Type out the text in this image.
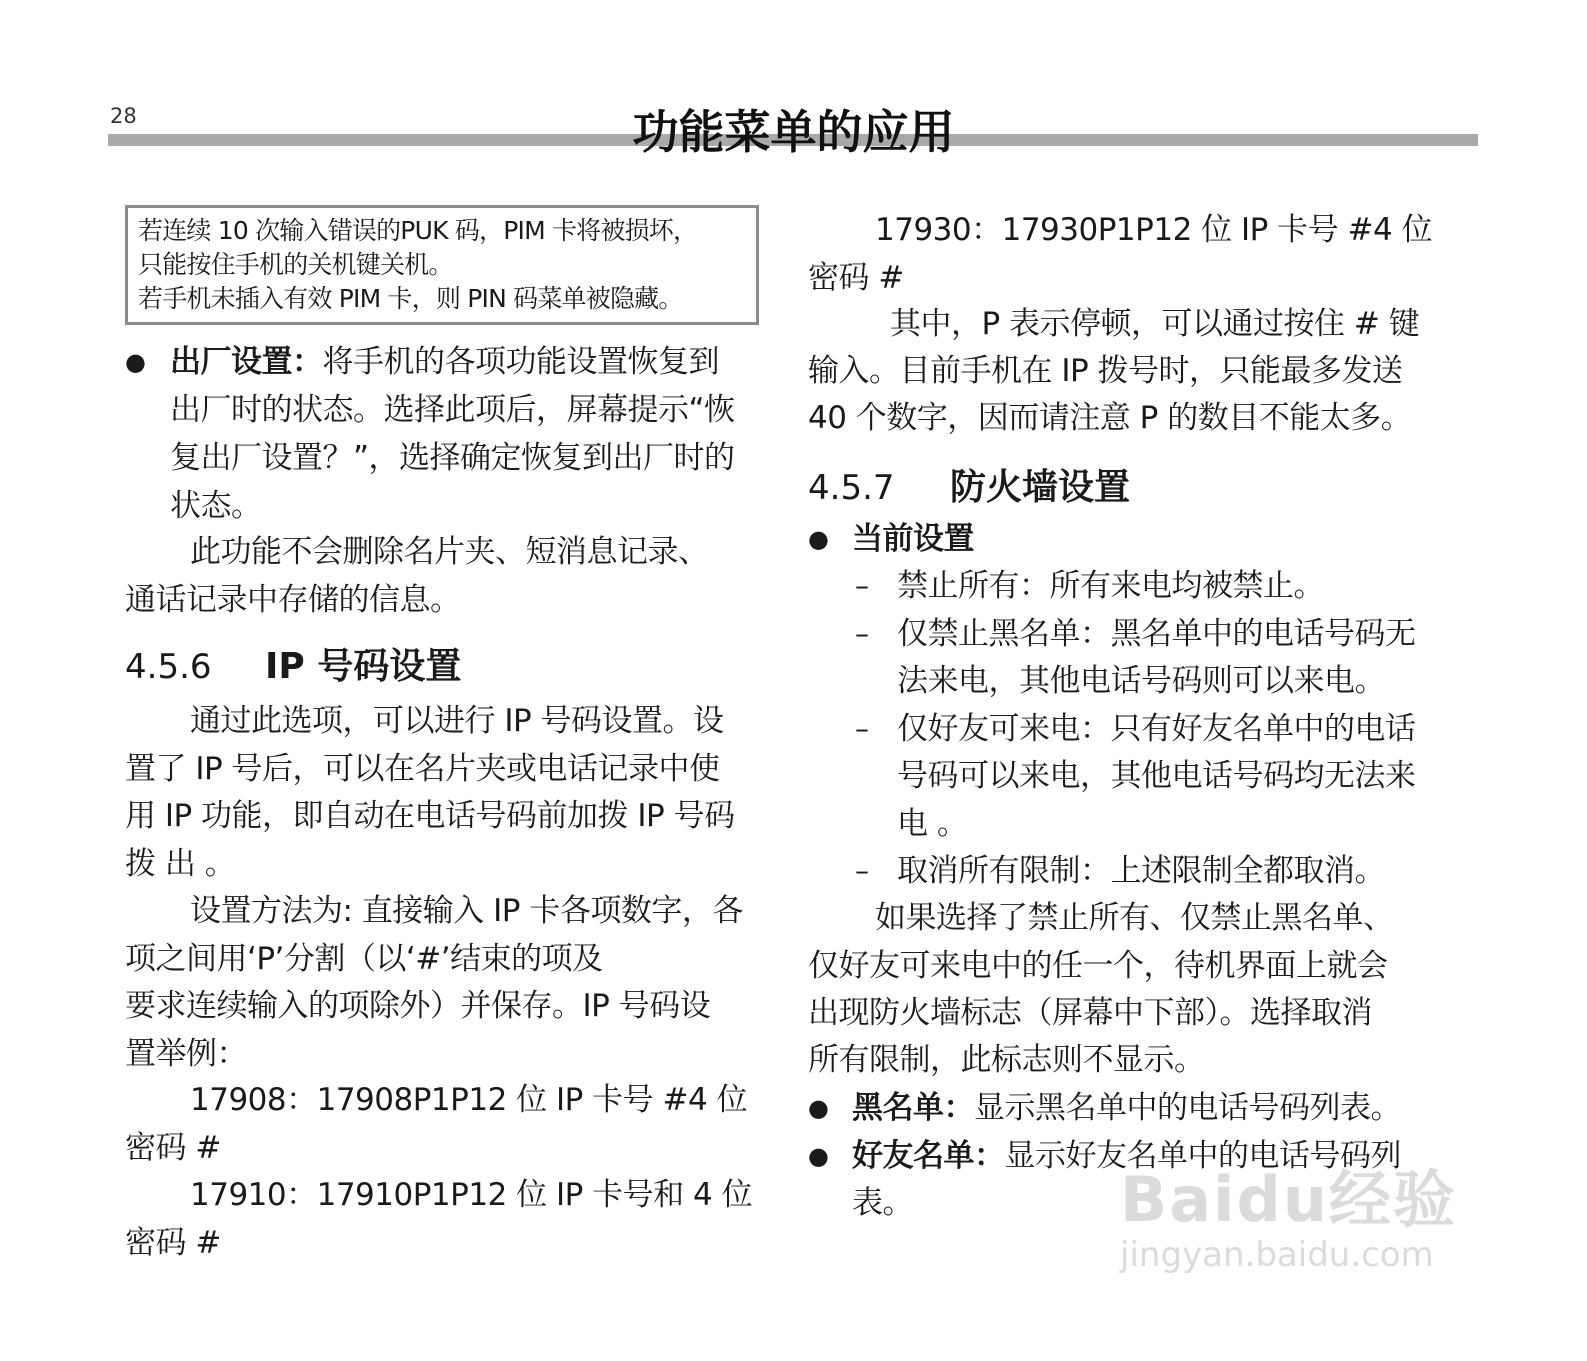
28	功能菜单的应用
若连续 10 次输入错误的PUK 码，PIM 卡将被损坏，
只能按住手机的关机键关机。
若手机未插入有效 PIM 卡，则 PIN 码菜单被隐藏。
● 出厂设置：将手机的各项功能设置恢复到
出厂时的状态。选择此项后，屏幕提示“恢
复出厂设置？”，选择确定恢复到出厂时的
状态。
此功能不会删除名片夹、短消息记录、
通话记录中存储的信息。
4.5.6 IP 号码设置
通过此选项，可以进行 IP 号码设置。设
置了 IP 号后，可以在名片夹或电话记录中使
用 IP 功能，即自动在电话号码前加拨 IP 号码
拨 出 。
设置方法为: 直接输入 IP 卡各项数字，各
项之间用‘P’分割（以‘#’结束的项及
要求连续输入的项除外）并保存。IP 号码设
置举例：
17908：17908P1P12 位 IP 卡号 #4 位
密码 #
17910：17910P1P12 位 IP 卡号和 4 位
密码 #
17930：17930P1P12 位 IP 卡号 #4 位
密码 #
其中，P 表示停顿，可以通过按住 # 键
输入。目前手机在 IP 拨号时，只能最多发送
40 个数字，因而请注意 P 的数目不能太多。
4.5.7 防火墙设置
● 当前设置
– 禁止所有：所有来电均被禁止。
– 仅禁止黑名单：黑名单中的电话号码无
法来电，其他电话号码则可以来电。
– 仅好友可来电：只有好友名单中的电话
号码可以来电，其他电话号码均无法来
电 。
– 取消所有限制：上述限制全都取消。
如果选择了禁止所有、仅禁止黑名单、
仅好友可来电中的任一个，待机界面上就会
出现防火墙标志（屏幕中下部）。选择取消
所有限制，此标志则不显示。
● 黑名单：显示黑名单中的电话号码列表。
● 好友名单：显示好友名单中的电话号码列
表。	Baidu经验
jingyan.baidu.com
